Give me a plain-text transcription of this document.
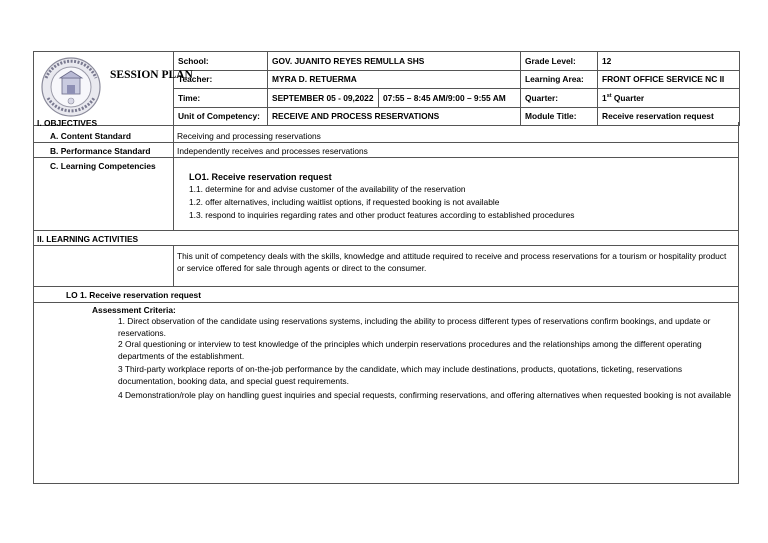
SESSION PLAN	School:	GOV. JUANITO REYES REMULLA SHS		Grade Level:	12
	Teacher:	MYRA D. RETUERMA		Learning Area:	FRONT OFFICE SERVICE NC II
	Time:	SEPTEMBER 05 - 09,2022	07:55 – 8:45 AM/9:00 – 9:55 AM	Quarter:	1st Quarter
	Unit of Competency:	RECEIVE AND PROCESS RESERVATIONS		Module Title:	Receive reservation request
I. OBJECTIVES
A. Content Standard	Receiving and processing reservations
B. Performance Standard	Independently receives and processes reservations
C. Learning Competencies
LO1. Receive reservation request
1.1. determine for and advise customer of the availability of the reservation
1.2. offer alternatives, including waitlist options, if requested booking is not available
1.3. respond to inquiries regarding rates and other product features according to established procedures
II. LEARNING ACTIVITIES
This unit of competency deals with the skills, knowledge and attitude required to receive and process reservations for a tourism or hospitality product or service offered for sale through agents or direct to the consumer.
LO 1. Receive reservation request
Assessment Criteria:
1. Direct observation of the candidate using reservations systems, including the ability to process different types of reservations confirm bookings, and update or reservations.
2 Oral questioning or interview to test knowledge of the principles which underpin reservations procedures and the relationships among the different operating departments of the establishment.
3 Third-party workplace reports of on-the-job performance by the candidate, which may include destinations, products, quotations, ticketing, reservations documentation, booking data, and special guest requirements.
4 Demonstration/role play on handling guest inquiries and special requests, confirming reservations, and offering alternatives when requested booking is not available
